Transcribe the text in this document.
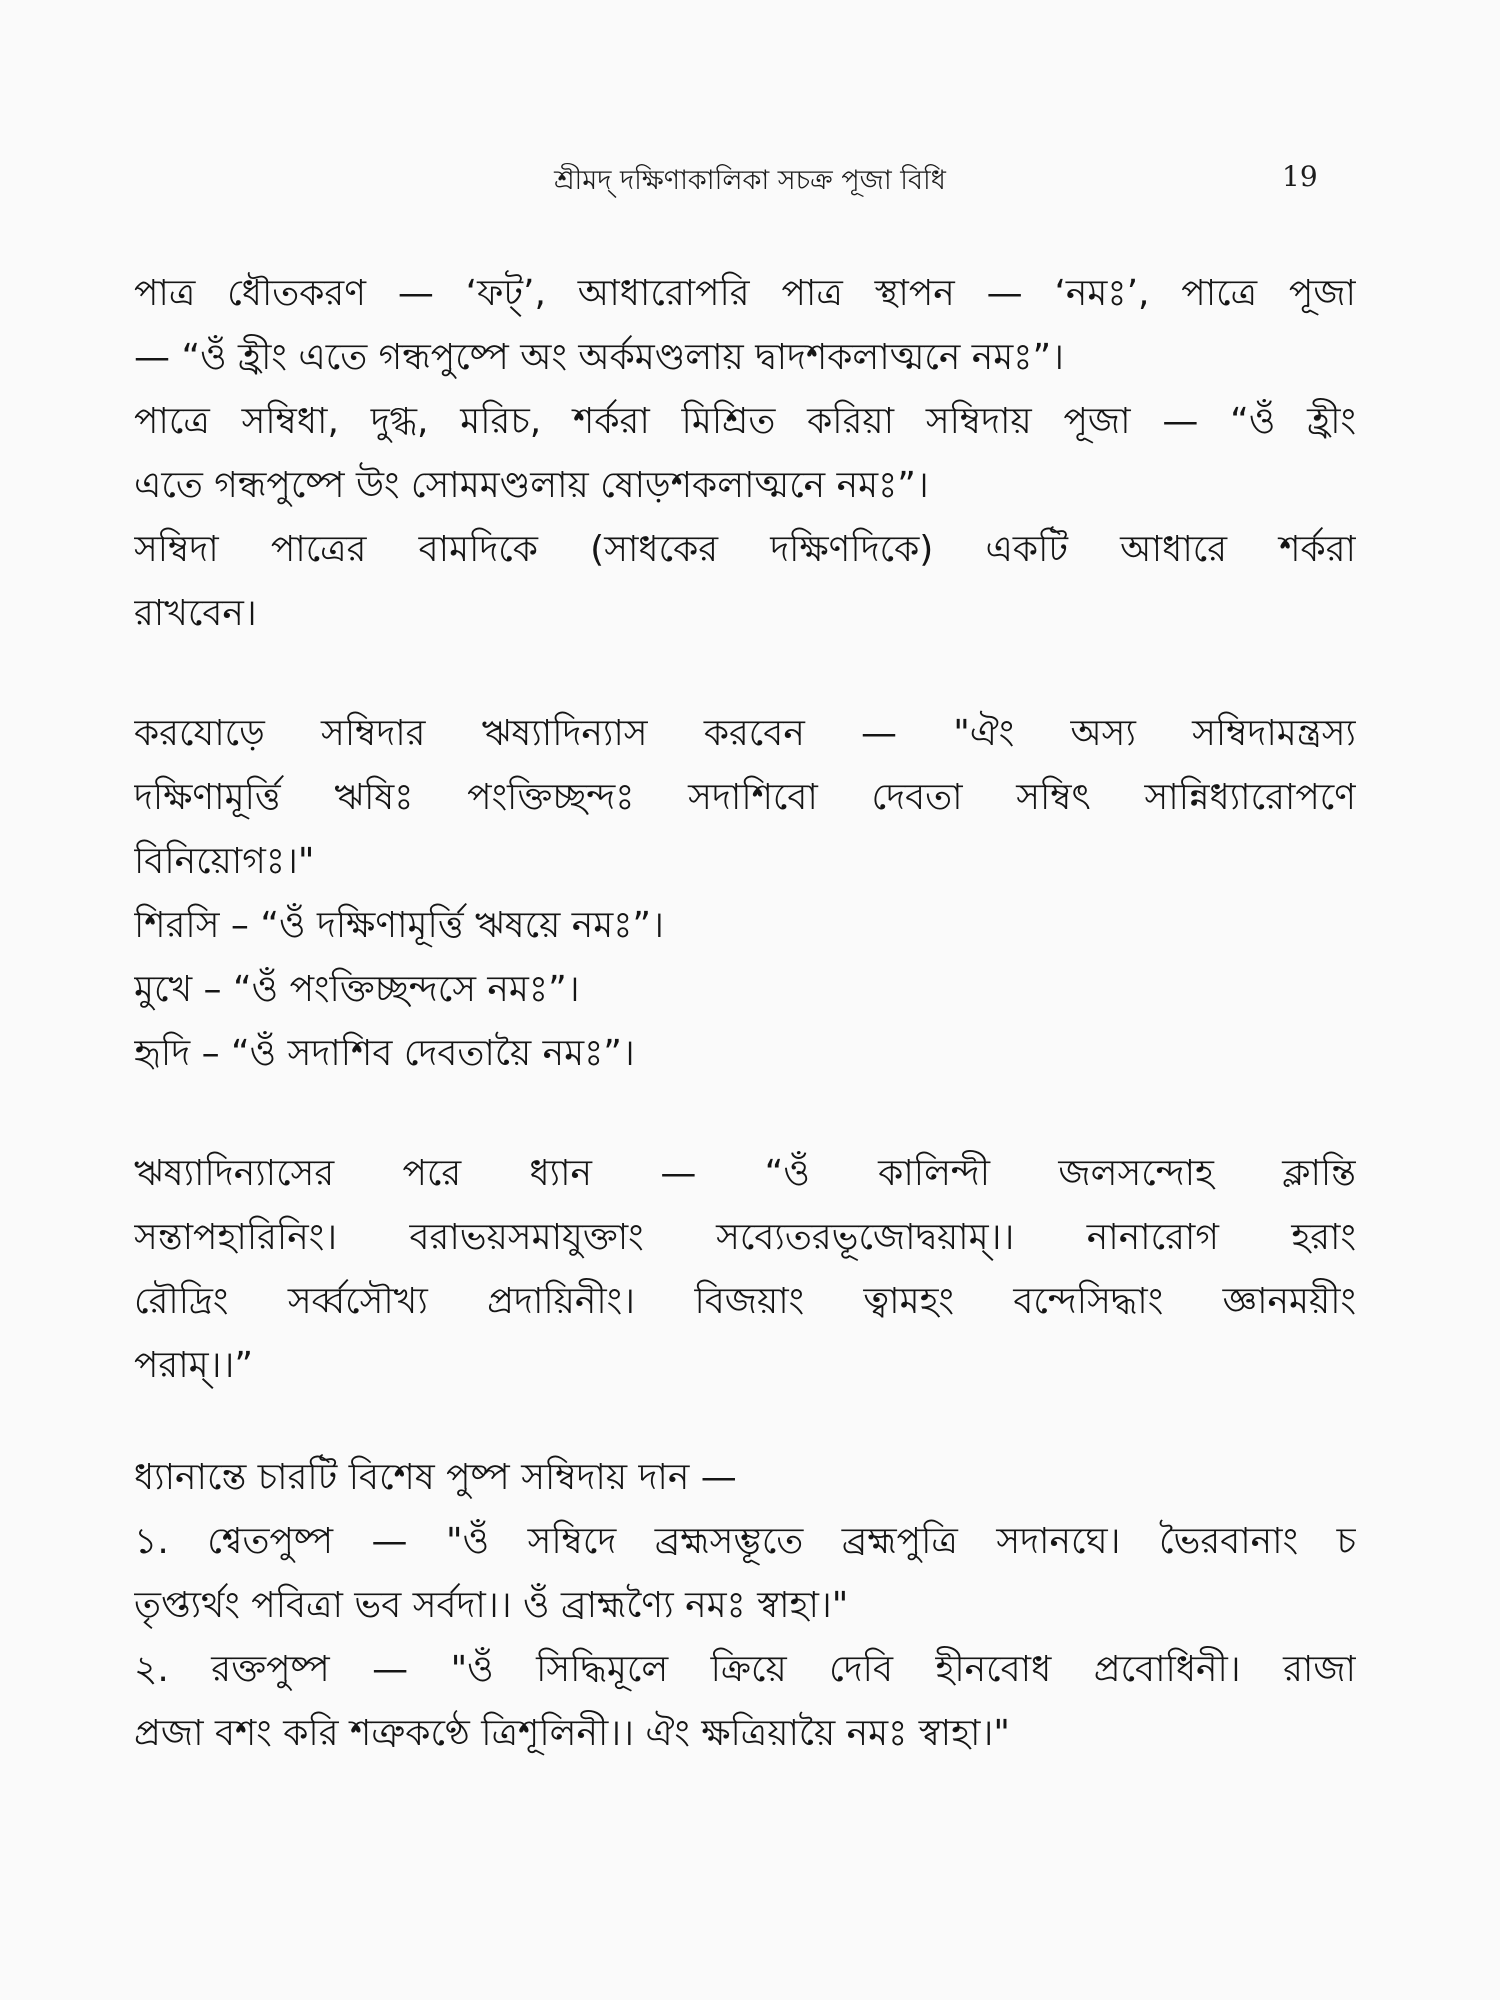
শ্রীমদ্ দক্ষিণাকালিকা সচক্র পূজা বিধি	19
পাত্র ধৌতকরণ — ‘ফট্’, আধারোপরি পাত্র স্থাপন — ‘নমঃ’, পাত্রে পূজা
— “ওঁ হ্রীং এতে গন্ধপুষ্পে অং অর্কমণ্ডলায় দ্বাদশকলাত্মনে নমঃ”।
পাত্রে সম্বিধা, দুগ্ধ, মরিচ, শর্করা মিশ্রিত করিয়া সম্বিদায় পূজা — “ওঁ হ্রীং
এতে গন্ধপুষ্পে উং সোমমণ্ডলায় ষোড়শকলাত্মনে নমঃ”।
সম্বিদা পাত্রের বামদিকে (সাধকের দক্ষিণদিকে) একটি আধারে শর্করা
রাখবেন।
করযোড়ে সম্বিদার ঋষ্যাদিন্যাস করবেন — "ঐং অস্য সম্বিদামন্ত্রস্য
দক্ষিণামূর্ত্তি ঋষিঃ পংক্তিচ্ছন্দঃ সদাশিবো দেবতা সম্বিৎ সান্নিধ্যারোপণে
বিনিয়োগঃ।"
শিরসি – “ওঁ দক্ষিণামূর্ত্তি ঋষয়ে নমঃ”।
মুখে – “ওঁ পংক্তিচ্ছন্দসে নমঃ”।
হৃদি – “ওঁ সদাশিব দেবতায়ৈ নমঃ”।
ঋষ্যাদিন্যাসের পরে ধ্যান — “ওঁ কালিন্দী জলসন্দোহ ক্লান্তি
সন্তাপহারিনিং। বরাভয়সমাযুক্তাং সব্যেতরভূজোদ্বয়াম্।। নানারোগ হরাং
রৌদ্রিং সর্ব্বসৌখ্য প্রদায়িনীং। বিজয়াং ত্বামহং বন্দেসিদ্ধাং জ্ঞানময়ীং
পরাম্।।”
ধ্যানান্তে চারটি বিশেষ পুষ্প সম্বিদায় দান —
১. শ্বেতপুষ্প — "ওঁ সম্বিদে ব্রহ্মসম্ভূতে ব্রহ্মপুত্রি সদানঘে। ভৈরবানাং চ
তৃপ্ত্যর্থং পবিত্রা ভব সর্বদা।। ওঁ ব্রাহ্মণ্যৈ নমঃ স্বাহা।"
২. রক্তপুষ্প — "ওঁ সিদ্ধিমূলে ক্রিয়ে দেবি হীনবোধ প্রবোধিনী। রাজা
প্রজা বশং করি শত্রুকণ্ঠে ত্রিশূলিনী।। ঐং ক্ষত্রিয়ায়ৈ নমঃ স্বাহা।"
